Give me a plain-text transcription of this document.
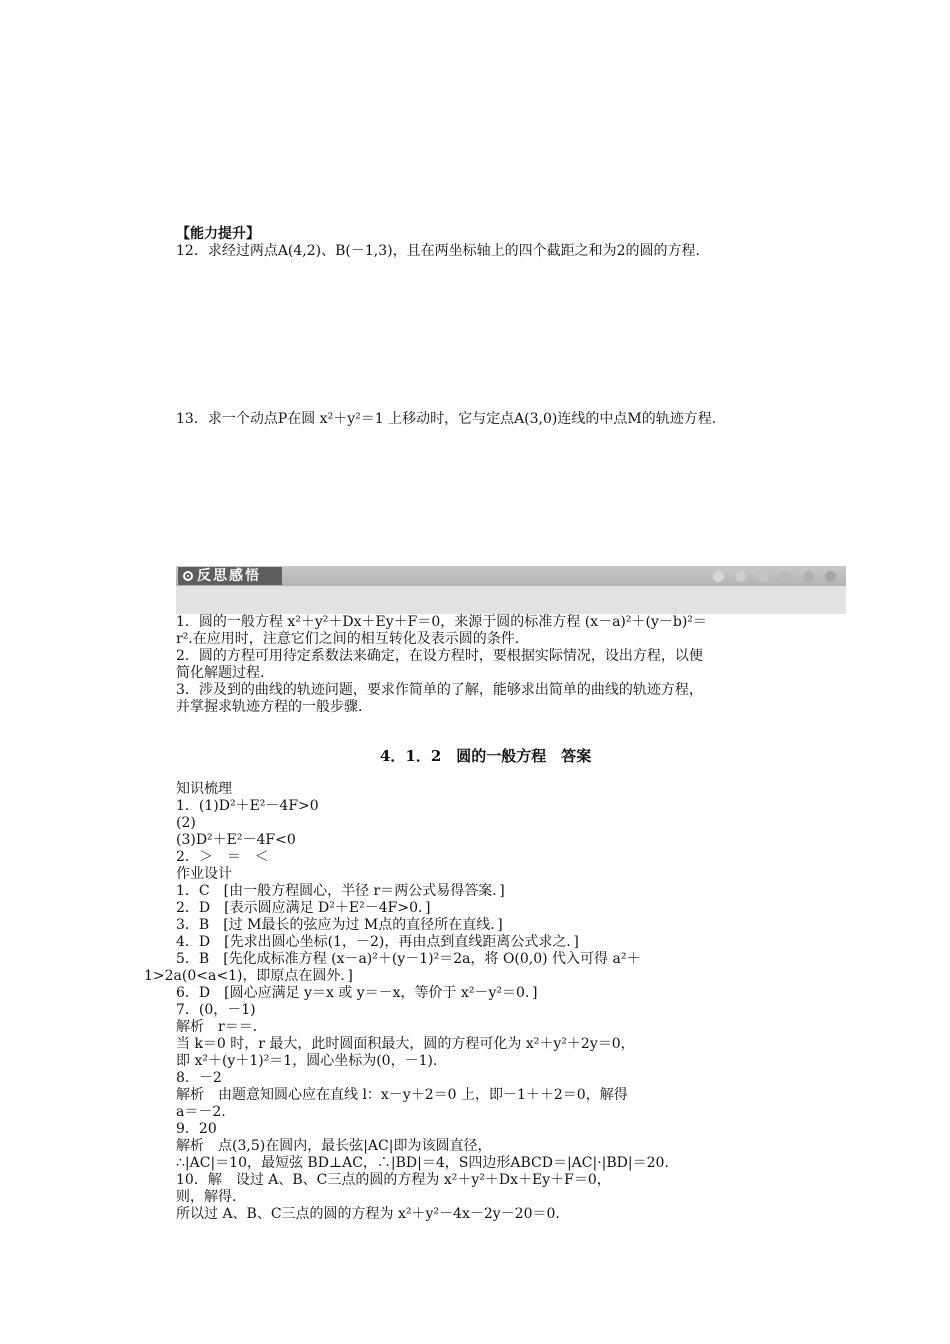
【能力提升】
12．求经过两点A(4,2)、B(－1,3)，且在两坐标轴上的四个截距之和为2的圆的方程.
13．求一个动点P在圆 x²＋y²＝1 上移动时，它与定点A(3,0)连线的中点M的轨迹方程.
反思感悟

1．圆的一般方程 x²＋y²＋Dx＋Ey＋F＝0，来源于圆的标准方程 (x－a)²＋(y－b)²＝
r².在应用时，注意它们之间的相互转化及表示圆的条件.
2．圆的方程可用待定系数法来确定，在设方程时，要根据实际情况，设出方程，以便
简化解题过程.
3．涉及到的曲线的轨迹问题，要求作简单的了解，能够求出简单的曲线的轨迹方程，
并掌握求轨迹方程的一般步骤.
4．1．2　圆的一般方程　答案
知识梳理
1．(1)D²＋E²－4F>0
(2)
(3)D²＋E²－4F<0
2．＞　＝　＜
作业设计
1．C　[由一般方程圆心，半径 r＝两公式易得答案．]
2．D　[表示圆应满足 D²＋E²－4F>0．]
3．B　[过 M最长的弦应为过 M点的直径所在直线．]
4．D　[先求出圆心坐标(1，－2)，再由点到直线距离公式求之．]
5．B　[先化成标准方程 (x－a)²＋(y－1)²＝2a，将 O(0,0) 代入可得 a²＋
1>2a(0<a<1)，即原点在圆外．]
6．D　[圆心应满足 y＝x 或 y＝－x，等价于 x²－y²＝0．]
7．(0，－1)
解析　r＝＝.
当 k＝0 时，r 最大，此时圆面积最大，圆的方程可化为 x²＋y²＋2y＝0，
即 x²＋(y＋1)²＝1，圆心坐标为(0，－1).
8．－2
解析　由题意知圆心应在直线 l：x－y＋2＝0 上，即－1＋＋2＝0，解得
a＝－2.
9．20
解析　点(3,5)在圆内，最长弦|AC|即为该圆直径，
∴|AC|＝10，最短弦 BD⊥AC，∴|BD|＝4，S四边形ABCD＝|AC|·|BD|＝20.
10．解　设过 A、B、C三点的圆的方程为 x²＋y²＋Dx＋Ey＋F＝0，
则，解得.
所以过 A、B、C三点的圆的方程为 x²＋y²－4x－2y－20＝0.
